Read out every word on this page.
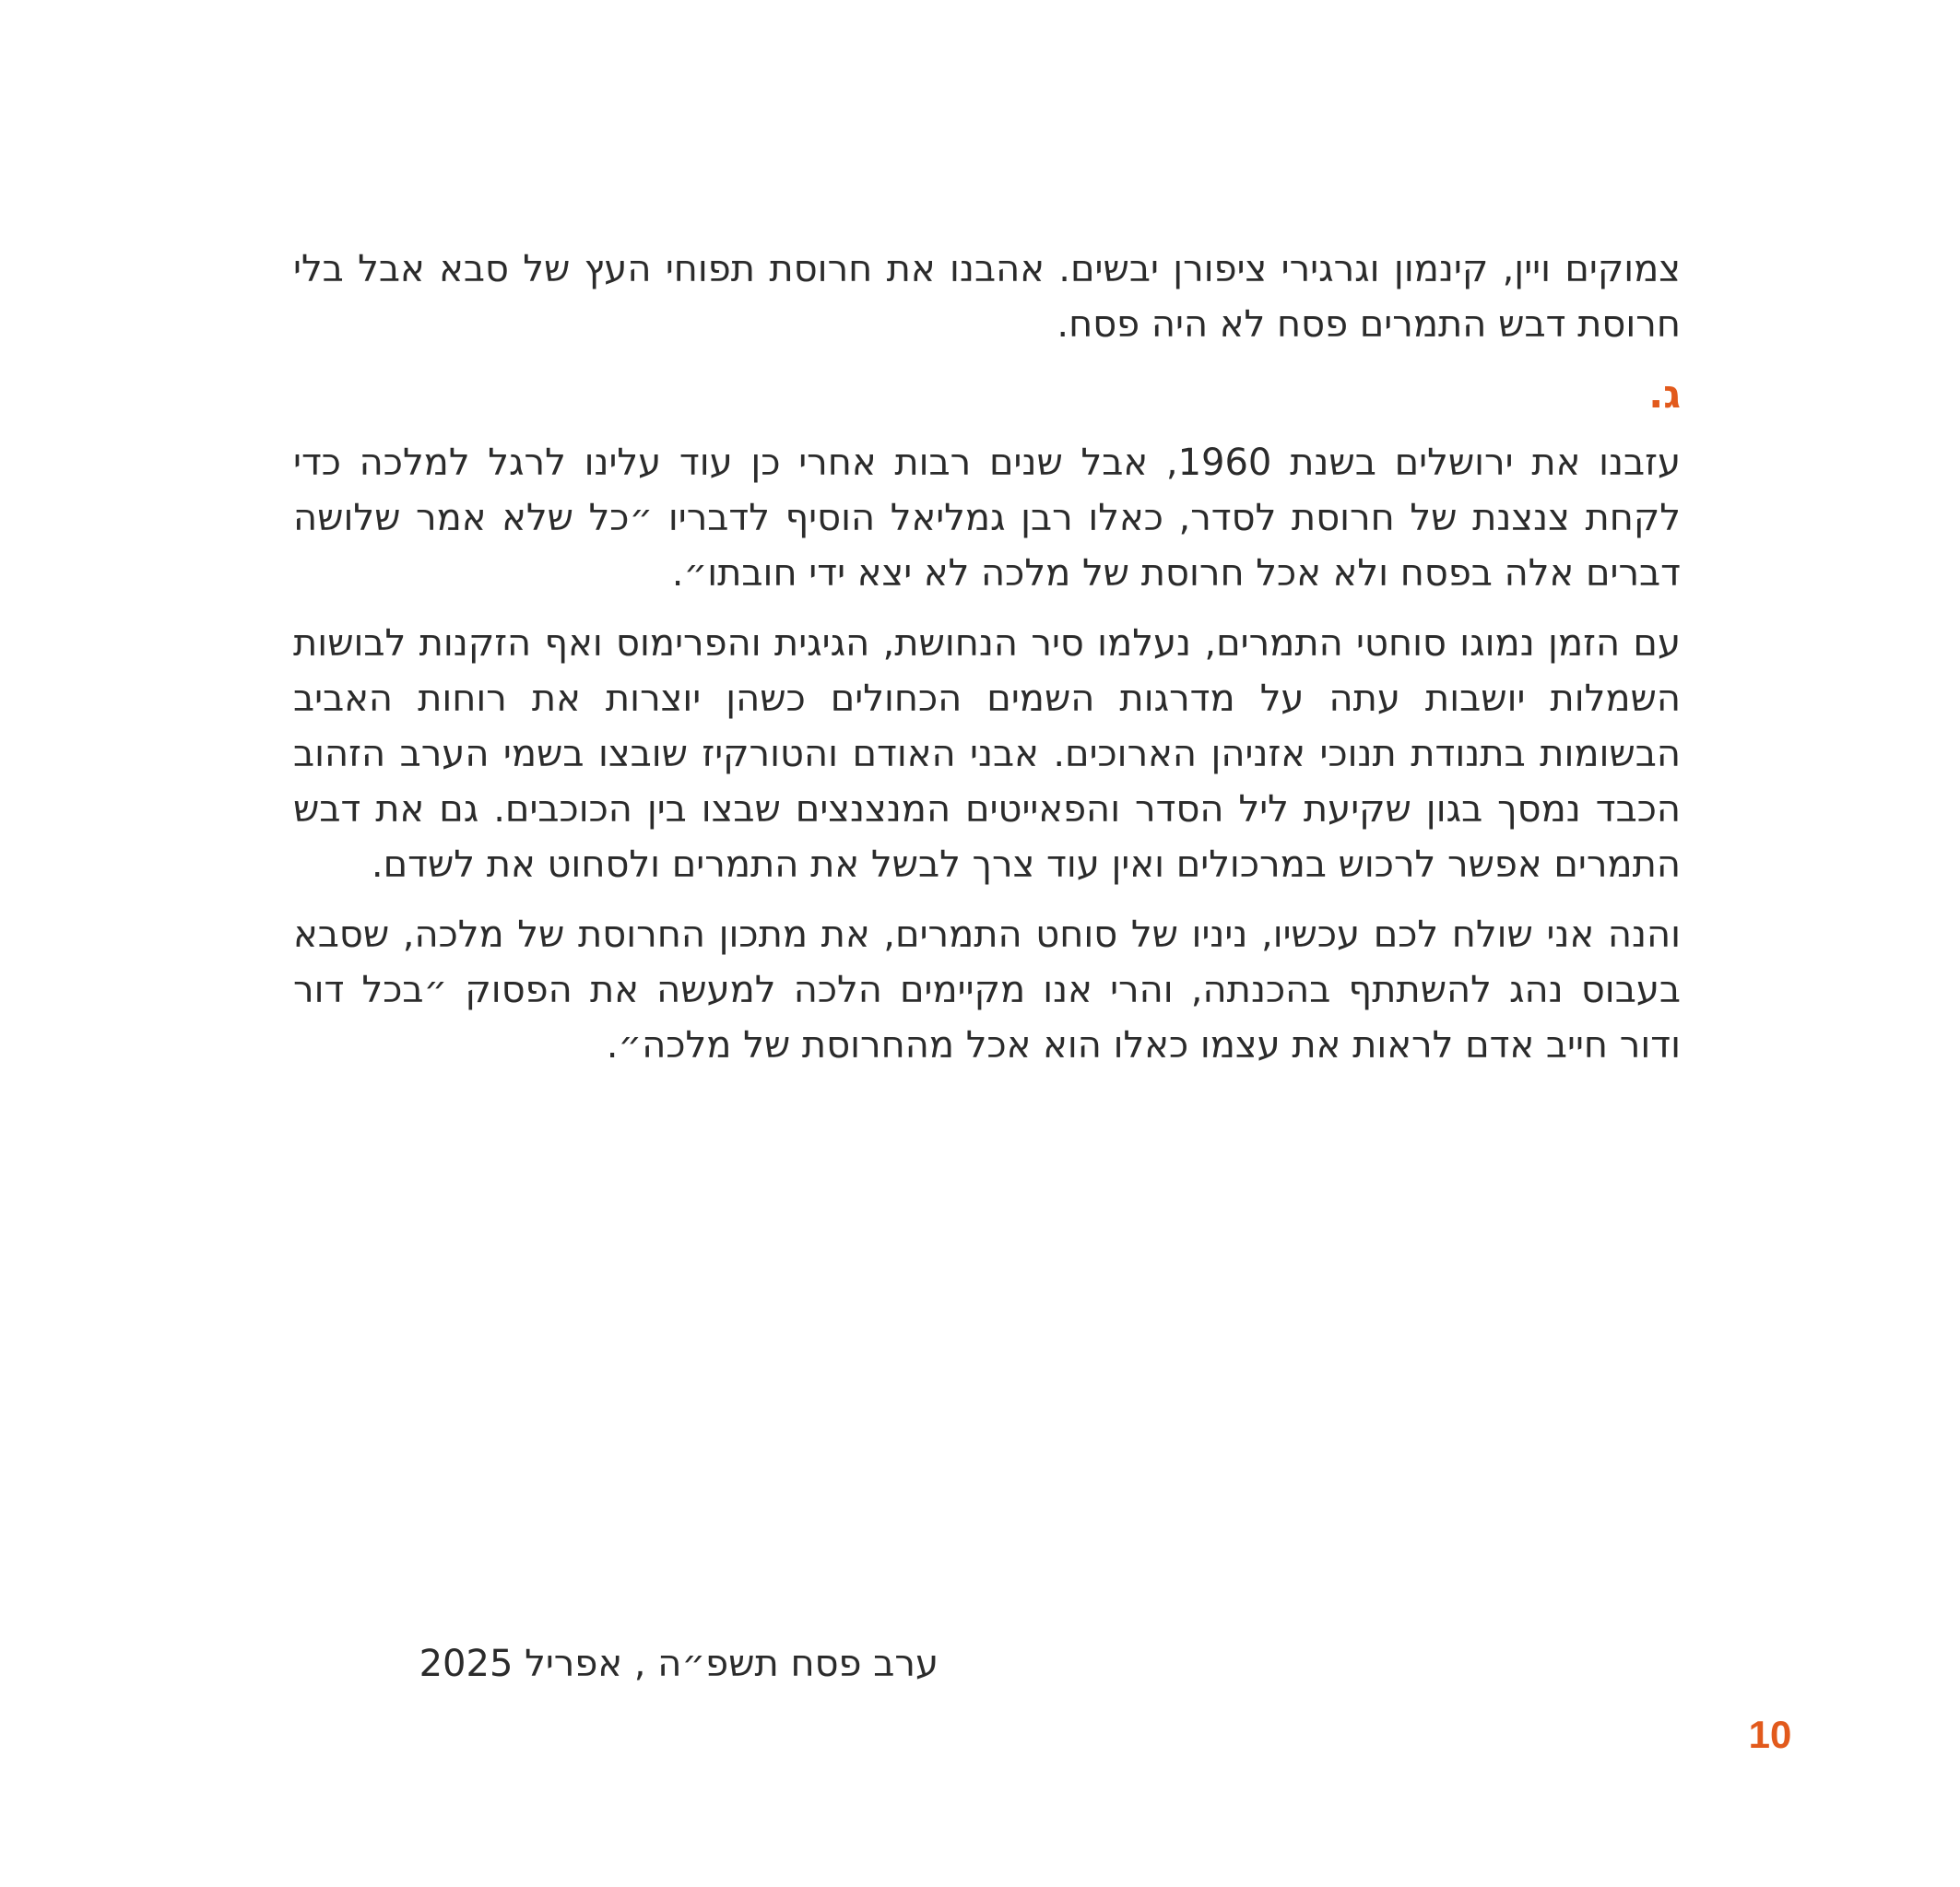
צמוקים ויין, קינמון וגרגירי ציפורן יבשים. אהבנו את חרוסת תפוחי העץ של סבא אבל בלי חרוסת דבש התמרים פסח לא היה פסח.

ג.

עזבנו את ירושלים בשנת 1960, אבל שנים רבות אחרי כן עוד עלינו לרגל למלכה כדי לקחת צנצנת של חרוסת לסדר, כאלו רבן גמליאל הוסיף לדבריו ״כל שלא אמר שלושה דברים אלה בפסח ולא אכל חרוסת של מלכה לא יצא ידי חובתו״.

עם הזמן נמוגו סוחטי התמרים, נעלמו סיר הנחושת, הגיגית והפרימוס ואף הזקנות לבושות השמלות יושבות עתה על מדרגות השמים הכחולים כשהן יוצרות את רוחות האביב הבשומות בתנודת תנוכי אזניהן הארוכים. אבני האודם והטורקיז שובצו בשמי הערב הזהוב הכבד נמסך בגון שקיעת ליל הסדר והפאייטים המנצנצים שבצו בין הכוכבים. גם את דבש התמרים אפשר לרכוש במרכולים ואין עוד צרך לבשל את התמרים ולסחוט את לשדם.

והנה אני שולח לכם עכשיו, ניניו של סוחט התמרים, את מתכון החרוסת של מלכה, שסבא בעבוס נהג להשתתף בהכנתה, והרי אנו מקיימים הלכה למעשה את הפסוק ״בכל דור ודור חייב אדם לראות את עצמו כאלו הוא אכל מהחרוסת של מלכה״.

ערב פסח תשפ״ה , אפריל 2025
10
